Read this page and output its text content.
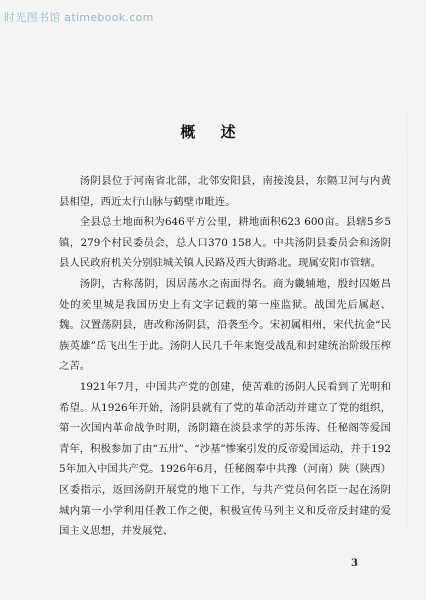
时光图书馆 atimebook.com
概 述

汤阴县位于河南省北部，北邻安阳县，南接浚县，东隔卫河与内黄县相望，西近太行山脉与鹤壁市毗连。

全县总土地面积为646平方公里，耕地面积623 600亩。县辖5乡5镇，279个村民委员会，总人口370 158人。中共汤阴县委员会和汤阴县人民政府机关分别驻城关镇人民路及西大街路北。现属安阳市管辖。

汤阴，古称荡阴，因居荡水之南面得名。商为畿辅地，殷纣囚姬昌处的羑里城是我国历史上有文字记载的第一座监狱。战国先后属赵、魏。汉置荡阴县，唐改称汤阴县，沿袭至今。宋初属相州，宋代抗金“民族英雄”岳飞出生于此。汤阴人民几千年来饱受战乱和封建统治阶级压榨之苦。

1921年7月，中国共产党的创建，使苦难的汤阴人民看到了光明和希望。从1926年开始，汤阴县就有了党的革命活动并建立了党的组织，第一次国内革命战争时期，汤阴籍在淡县求学的苏乐涛、任秘阁等爱国青年，积极参加了由“五卅”、“沙基”惨案引发的反帝爱国运动，并于1925年加入中国共产党。1926年6月，任秘阁奉中共豫（河南）陕（陕西）区委指示，返回汤阴开展党的地下工作，与共产党员何名臣一起在汤阴城内第一小学利用任教工作之便，积极宣传马列主义和反帝反封建的爱国主义思想，并发展党、

3
